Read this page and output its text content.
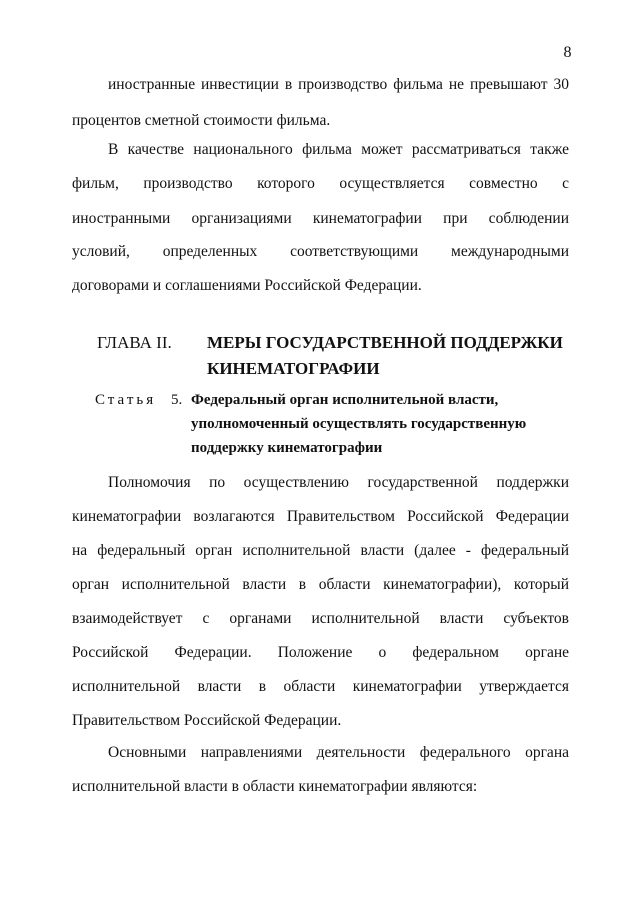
8
иностранные инвестиции в производство фильма не превышают 30
процентов сметной стоимости фильма.
В качестве национального фильма может рассматриваться также
фильм, производство которого осуществляется совместно с
иностранными организациями кинематографии при соблюдении
условий, определенных соответствующими международными
договорами и соглашениями Российской Федерации.
ГЛАВА II. МЕРЫ ГОСУДАРСТВЕННОЙ ПОДДЕРЖКИ
КИНЕМАТОГРАФИИ
Статья 5. Федеральный орган исполнительной власти,
уполномоченный осуществлять государственную
поддержку кинематографии
Полномочия по осуществлению государственной поддержки
кинематографии возлагаются Правительством Российской Федерации
на федеральный орган исполнительной власти (далее - федеральный
орган исполнительной власти в области кинематографии), который
взаимодействует с органами исполнительной власти субъектов
Российской Федерации. Положение о федеральном органе
исполнительной власти в области кинематографии утверждается
Правительством Российской Федерации.
Основными направлениями деятельности федерального органа
исполнительной власти в области кинематографии являются:
